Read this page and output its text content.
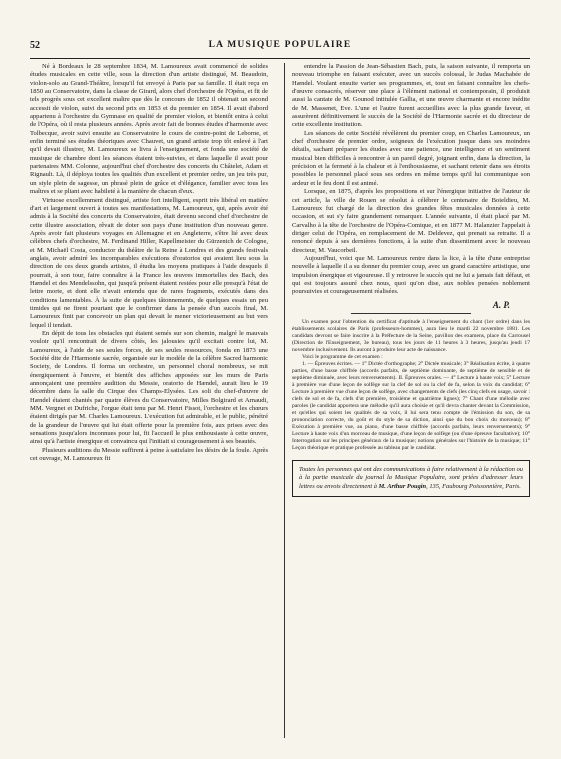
52	LA MUSIQUE POPULAIRE

Né à Bordeaux le 28 septembre 1834, M. Lamoureux avait commencé de solides études musicales en cette ville, sous la direction d'un artiste distingué, M. Beaudoin, violon-solo au Grand-Théâtre, lorsqu'il fut envoyé à Paris par sa famille. Il était reçu en 1850 au Conservatoire, dans la classe de Girard, alors chef d'orchestre de l'Opéra, et fit de tels progrès sous cet excellent maître que dès le concours de 1852 il obtenait un second accessit de violon, suivi du second prix en 1853 et du premier en 1854. Il avait d'abord appartenu à l'orchestre du Gymnase en qualité de premier violon, et bientôt entra à celui de l'Opéra, où il resta plusieurs années. Après avoir fait de bonnes études d'harmonie avec Tolbecque, avoir suivi ensuite au Conservatoire le cours de contre-point de Leborne, et enfin terminé ses études théoriques avec Chauvet, un grand artiste trop tôt enlevé à l'art qu'il devait illustrer, M. Lamoureux se livra à l'enseignement, et fonda une société de musique de chambre dont les séances étaient très-suivies, et dans laquelle il avait pour partenaires MM. Colonne, aujourd'hui chef d'orchestre des concerts du Châtelet, Adam et Rignault. Là, il déploya toutes les qualités d'un excellent et premier ordre, un jeu très pur, un style plein de sagesse, un phrasé plein de grâce et d'élégance, familier avec tous les maîtres et se pliant avec habileté à la manière de chacun d'eux.

Virtuose excellemment distingué, artiste fort intelligent, esprit très libéral en matière d'art et largement ouvert à toutes ses manifestations, M. Lamoureux, qui, après avoir été admis à la Société des concerts du Conservatoire, était devenu second chef d'orchestre de cette illustre association, rêvait de doter son pays d'une institution d'un nouveau genre. Après avoir fait plusieurs voyages en Allemagne et en Angleterre, s'être lié avec deux célèbres chefs d'orchestre, M. Ferdinand Hiller, Kapellmeister du Gürzenich de Cologne, et M. Michaël Costa, conductor du théâtre de la Reine à Londres et des grands festivals anglais, avoir admiré les incomparables exécutions d'oratorios qui avaient lieu sous la direction de ces deux grands artistes, il étudia les moyens pratiques à l'aide desquels il pourrait, à son tour, faire connaître à la France les œuvres immortelles des Bach, des Hændel et des Mendelssohn, qui jusqu'à présent étaient restées pour elle presqu'à l'état de lettre morte, et dont elle n'avait entendu que de rares fragments, exécutés dans des conditions lamentables. À la suite de quelques tâtonnements, de quelques essais un peu timides qui ne firent pourtant que le confirmer dans la pensée d'un succès final, M. Lamoureux finit par concevoir un plan qui devait le mener victorieusement au but vers lequel il tendait.

En dépit de tous les obstacles qui étaient semés sur son chemin, malgré le mauvais vouloir qu'il rencontrait de divers côtés, les jalousies qu'il excitait contre lui, M. Lamoureux, à l'aide de ses seules forces, de ses seules ressources, fonda en 1873 une Société dite de l'Harmonie sacrée, organisée sur le modèle de la célèbre Sacred harmonic Society, de Londres. Il forma un orchestre, un personnel choral nombreux, se mit énergiquement à l'œuvre, et bientôt des affiches apposées sur les murs de Paris annonçaient une première audition du Messie, oratorio de Hændel, aurait lieu le 19 décembre dans la salle du Cirque des Champs-Elysées. Les soli du chef-d'œuvre de Hændel étaient chantés par quatre élèves du Conservatoire, Milles Bolgirard et Arnaudi, MM. Vergnet et Dufriche, l'orgue était tenu par M. Henri Fissot, l'orchestre et les chœurs étaient dirigés par M. Charles Lamoureux. L'exécution fut admirable, et le public, pénétré de la grandeur de l'œuvre qui lui était offerte pour la première fois, aux prises avec des sensations jusqu'alors inconnues pour lui, fit l'accueil le plus enthousiaste à cette œuvre, ainsi qu'à l'artiste énergique et convaincu qui l'initiait si courageusement à ses beautés.

Plusieurs auditions du Messie suffirent à peine à satisfaire les désirs de la foule. Après cet ouvrage, M. Lamoureux fit

entendre la Passion de Jean-Sébastien Bach, puis, la saison suivante, il remporta un nouveau triomphe en faisant exécuter, avec un succès colossal, le Judas Machabée de Hændel. Voulant ensuite varier ses programmes, et, tout en faisant connaître les chefs-d'œuvre consacrés, réserver une place à l'élément national et contemporain, il produisit aussi la cantate de M. Gounod intitulée Gallia, et une œuvre charmante et encore inédite de M. Massenet, Eve. L'une et l'autre furent accueillies avec la plus grande faveur, et assurèrent définitivement le succès de la Société de l'Harmonie sacrée et du directeur de cette excellente institution.

Les séances de cette Société révélèrent du premier coup, en Charles Lamoureux, un chef d'orchestre de premier ordre, soigneux de l'exécution jusque dans ses moindres détails, sachant préparer les études avec une patience, une intelligence et un sentiment musical bien difficiles à rencontrer à un pareil degré, joignant enfin, dans la direction, la précision et la fermeté à la chaleur et à l'enthousiasme, et sachant retenir dans ses étroits possibles le personnel placé sous ses ordres en même temps qu'il lui communique son ardeur et le feu dont il est animé.

Lorsque, en 1875, d'après les propositions et sur l'énergique initiative de l'auteur de cet article, la ville de Rouen se résolut à célébrer le centenaire de Boieldieu, M. Lamoureux fut chargé de la direction des grandes fêtes musicales données à cette occasion, et sut s'y faire grandement remarquer. L'année suivante, il était placé par M. Carvalho à la tête de l'orchestre de l'Opéra-Comique, et en 1877 M. Halanzier l'appelait à diriger celui de l'Opéra, en remplacement de M. Deldevez, qui prenait sa retraite. Il a renoncé depuis à ses dernières fonctions, à la suite d'un dissentiment avec le nouveau directeur, M. Vaucorbeil.

Aujourd'hui, voici que M. Lamoureux rentre dans la lice, à la tête d'une entreprise nouvelle à laquelle il a su donner du premier coup, avec un grand caractère artistique, une impulsion énergique et vigoureuse. Il y retrouve le succès qui ne lui a jamais fait défaut, et qui est toujours assuré chez nous, quoi qu'on dise, aux nobles pensées noblement poursuivies et courageusement réalisées.

A. P.

Un examen pour l'obtention du certificat d'aptitude à l'enseignement du chant (1er ordre) dans les établissements scolaires de Paris (professeurs-hommes), aura lieu le mardi 22 novembre 1881. Les candidats devront se faire inscrire à la Préfecture de la Seine, pavillon des examens, place du Carrousel (Direction de l'Enseignement, 3e bureau), tous les jours de 11 heures à 3 heures, jusqu'au jeudi 17 novembre inclusivement. Ils auront à produire leur acte de naissance.

Voici le programme de cet examen :

1. — Épreuves écrites. — 1° Dictée d'orthographe; 2° Dictée musicale; 3° Réalisation écrite, à quatre parties, d'une basse chiffrée (accords parfaits, de septième dominante, de septième de sensible et de septième diminuée, avec leurs renversements). II. Épreuves orales. — 4° Lecture à haute voix; 5° Lecture à première vue d'une leçon de solfège sur la clef de sol ou la clef de fa, selon la voix du candidat; 6° Lecture à première vue d'une leçon de solfège, avec changements de clefs (les cinq clefs en usage, savoir : clefs de sol et de fa, clefs d'ut première, troisième et quatrième lignes); 7° Chant d'une mélodie avec paroles (le candidat apportera une mélodie qu'il aura choisie et qu'il devra chanter devant la Commission, et qu'elles qui soient les qualités de sa voix, il lui sera tenu compte de l'émission du son, de sa prononciation correcte, du goût et du style de sa diction, ainsi que du bon choix du morceau); 8° Exécution à première vue, au piano, d'une basse chiffrée (accords parfaits, leurs renversements); 9° Lecture à haute voix d'un morceau de musique, d'une leçon de solfège (ou d'une épreuve facultative); 10° Interrogation sur les principes généraux de la musique; notions générales sur l'histoire de la musique; 11° Leçon théorique et pratique professée au tableau par le candidat.

Toutes les personnes qui ont des communications à faire relativement à la rédaction ou à la partie musicale du journal la Musique Populaire, sont priées d'adresser leurs lettres ou envois directement à M. Arthur Pougin, 135, Faubourg Poissonnière, Paris.
